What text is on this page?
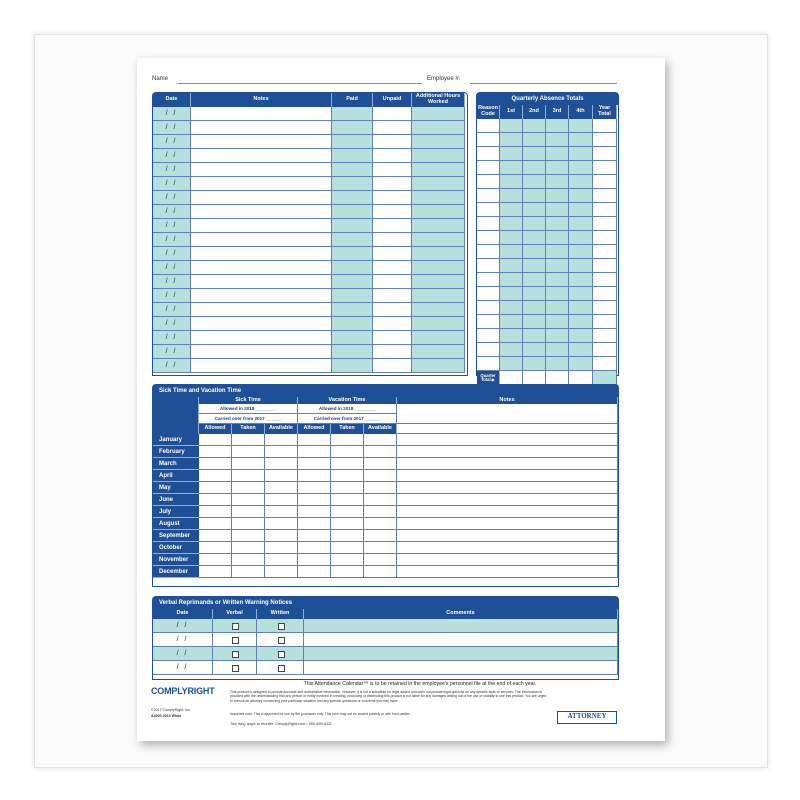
Name	Employee #:
Date	Notes	Paid	Unpaid	Additional Hours Worked
/ /
/ /
/ /
/ /
/ /
/ /
/ /
/ /
/ /
/ /
/ /
/ /
/ /
/ /
/ /
/ /
/ /
/ /
/ /
Quarterly Absence Totals
Reason Code	1st	2nd	3rd	4th	Year Total
Quarter Total ▶
Sick Time and Vacation Time
Sick Time	Vacation Time	Notes
Allowed in 2018 ________
Carried over from 2017 ______
Allowed in 2018 ________
Carried over from 2017 ______
Allowed	Taken	Available	Allowed	Taken	Available
January
February
March
April
May
June
July
August
September
October
November
December
Verbal Reprimands or Written Warning Notices
Date	Verbal	Written	Comments
/ /
/ /
/ /
/ /
COMPLYRIGHT
©2017 ComplyRight, Inc.
A4000 2018 White
This Attendance Calendar™ is to be retained in the employee's personnel file at the end of each year.
This product is designed to provide accurate and authoritative information. However, it is not a substitute for legal advice and does not provide legal opinions on any specific facts or services. The information is provided with the understanding that any person or entity involved in creating, producing or distributing this product is not liable for any damages arising out of the use or inability to use this product. You are urged to consult an attorney concerning your particular situation and any specific questions or concerns you may have.
Important note: This is approved for use by the purchaser only. This form may not be shared publicly or with third parties.
Two easy ways to reorder: ComplyRight.com • 800-999-9111
ATTORNEY
